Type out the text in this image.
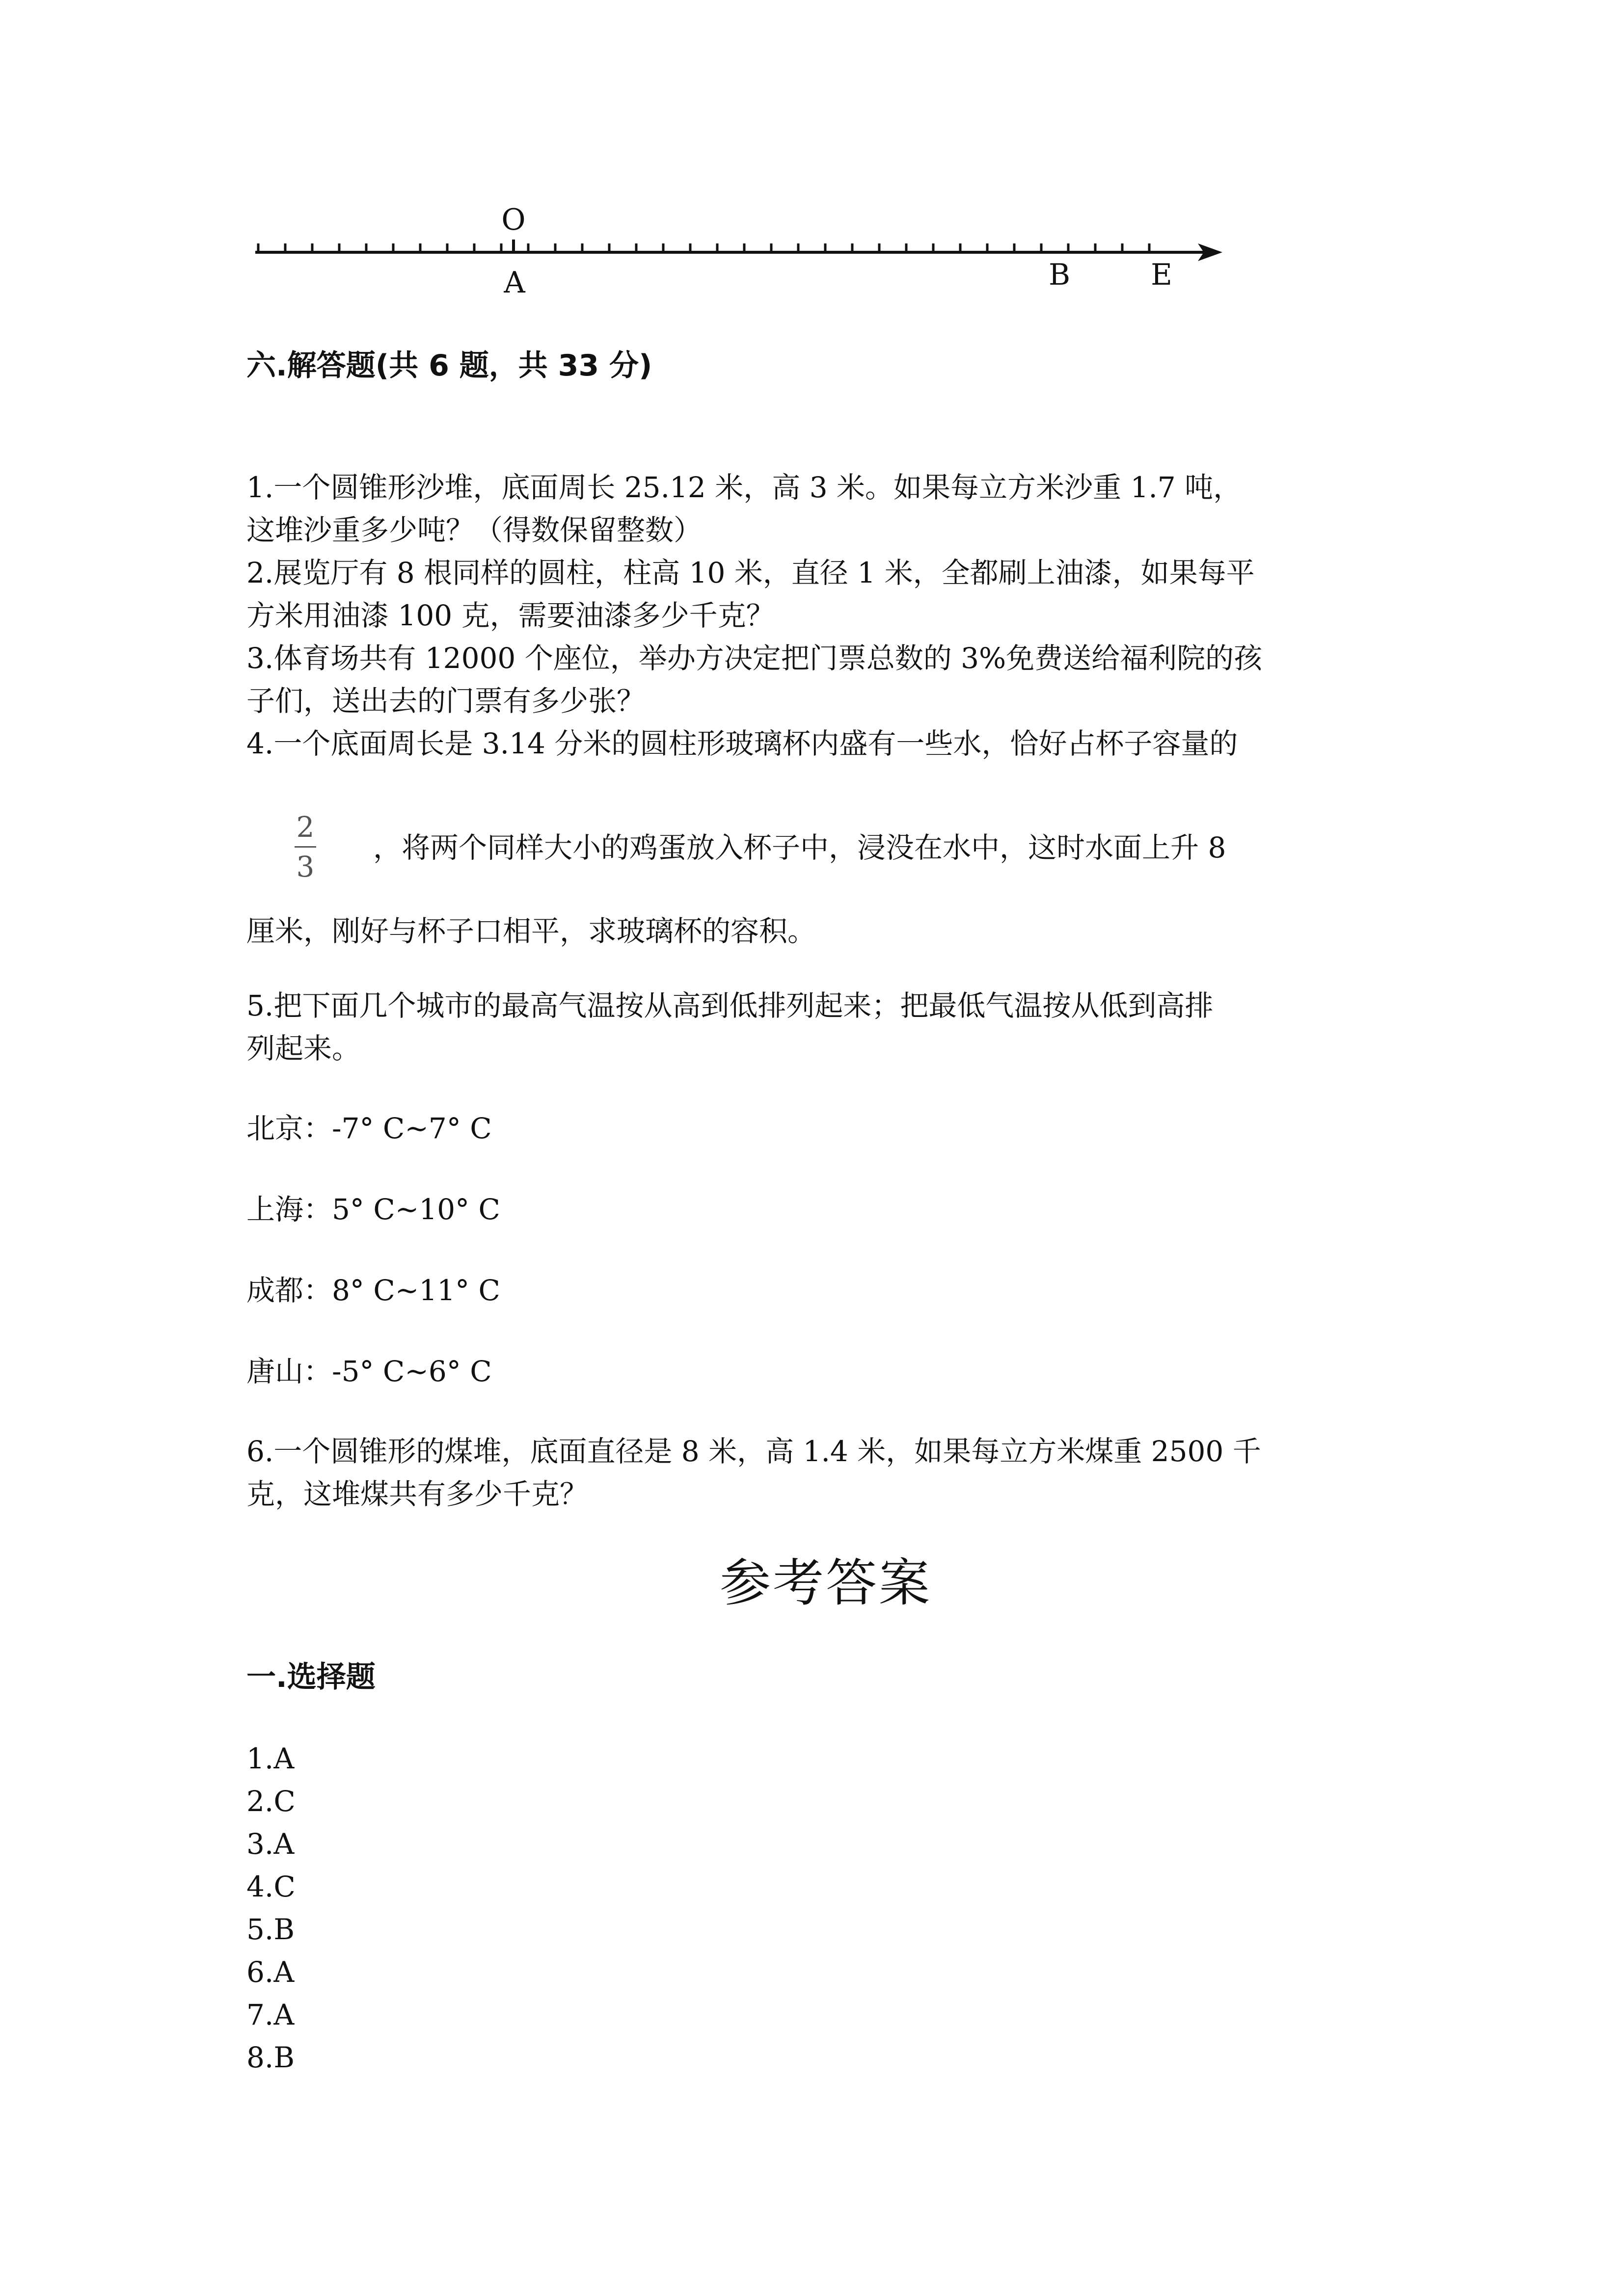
O
A	B	E
六.解答题(共 6 题，共 33 分)
1.一个圆锥形沙堆，底面周长 25.12 米，高 3 米。如果每立方米沙重 1.7 吨，
这堆沙重多少吨？（得数保留整数）
2.展览厅有 8 根同样的圆柱，柱高 10 米，直径 1 米，全都刷上油漆，如果每平
方米用油漆 100 克，需要油漆多少千克？
3.体育场共有 12000 个座位，举办方决定把门票总数的 3%免费送给福利院的孩
子们，送出去的门票有多少张？
4.一个底面周长是 3.14 分米的圆柱形玻璃杯内盛有一些水，恰好占杯子容量的
2
3
，将两个同样大小的鸡蛋放入杯子中，浸没在水中，这时水面上升 8
厘米，刚好与杯子口相平，求玻璃杯的容积。
5.把下面几个城市的最高气温按从高到低排列起来；把最低气温按从低到高排
列起来。
北京：-7° C~7° C
上海：5° C~10° C
成都：8° C~11° C
唐山：-5° C~6° C
6.一个圆锥形的煤堆，底面直径是 8 米，高 1.4 米，如果每立方米煤重 2500 千
克，这堆煤共有多少千克？
参考答案
一.选择题
1.A
2.C
3.A
4.C
5.B
6.A
7.A
8.B
